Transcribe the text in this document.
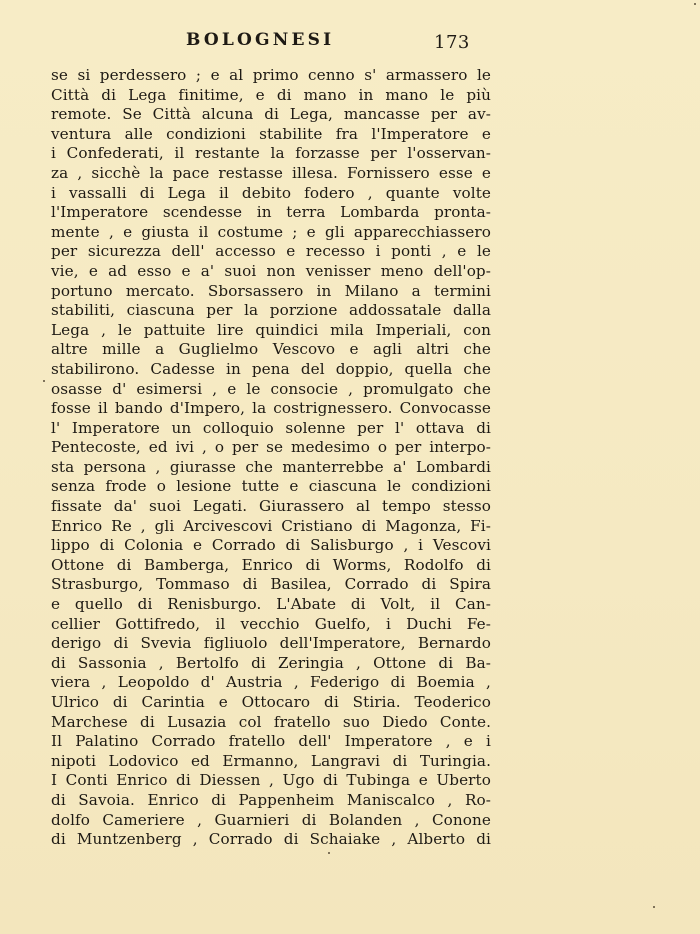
BOLOGNESI	173
se si perdessero ; e al primo cenno s' armassero le
Città di Lega finitime, e di mano in mano le più
remote. Se Città alcuna di Lega, mancasse per av-
ventura alle condizioni stabilite fra l'Imperatore e
i Confederati, il restante la forzasse per l'osservan-
za , sicchè la pace restasse illesa. Fornissero esse e
i vassalli di Lega il debito fodero , quante volte
l'Imperatore scendesse in terra Lombarda pronta-
mente , e giusta il costume ; e gli apparecchiassero
per sicurezza dell' accesso e recesso i ponti , e le
vie, e ad esso e a' suoi non venisser meno dell'op-
portuno mercato. Sborsassero in Milano a termini
stabiliti, ciascuna per la porzione addossatale dalla
Lega , le pattuite lire quindici mila Imperiali, con
altre mille a Guglielmo Vescovo e agli altri che
stabilirono. Cadesse in pena del doppio, quella che
osasse d' esimersi , e le consocie , promulgato che
fosse il bando d'Impero, la costrignessero. Convocasse
l' Imperatore un colloquio solenne per l' ottava di
Pentecoste, ed ivi , o per se medesimo o per interpo-
sta persona , giurasse che manterrebbe a' Lombardi
senza frode o lesione tutte e ciascuna le condizioni
fissate da' suoi Legati. Giurassero al tempo stesso
Enrico Re , gli Arcivescovi Cristiano di Magonza, Fi-
lippo di Colonia e Corrado di Salisburgo , i Vescovi
Ottone di Bamberga, Enrico di Worms, Rodolfo di
Strasburgo, Tommaso di Basilea, Corrado di Spira
e quello di Renisburgo. L'Abate di Volt, il Can-
cellier Gottifredo, il vecchio Guelfo, i Duchi Fe-
derigo di Svevia figliuolo dell'Imperatore, Bernardo
di Sassonia , Bertolfo di Zeringia , Ottone di Ba-
viera , Leopoldo d' Austria , Federigo di Boemia ,
Ulrico di Carintia e Ottocaro di Stiria. Teoderico
Marchese di Lusazia col fratello suo Diedo Conte.
Il Palatino Corrado fratello dell' Imperatore , e i
nipoti Lodovico ed Ermanno, Langravi di Turingia.
I Conti Enrico di Diessen , Ugo di Tubinga e Uberto
di Savoia. Enrico di Pappenheim Maniscalco , Ro-
dolfo Cameriere , Guarnieri di Bolanden , Conone
di Muntzenberg , Corrado di Schaiake , Alberto di
